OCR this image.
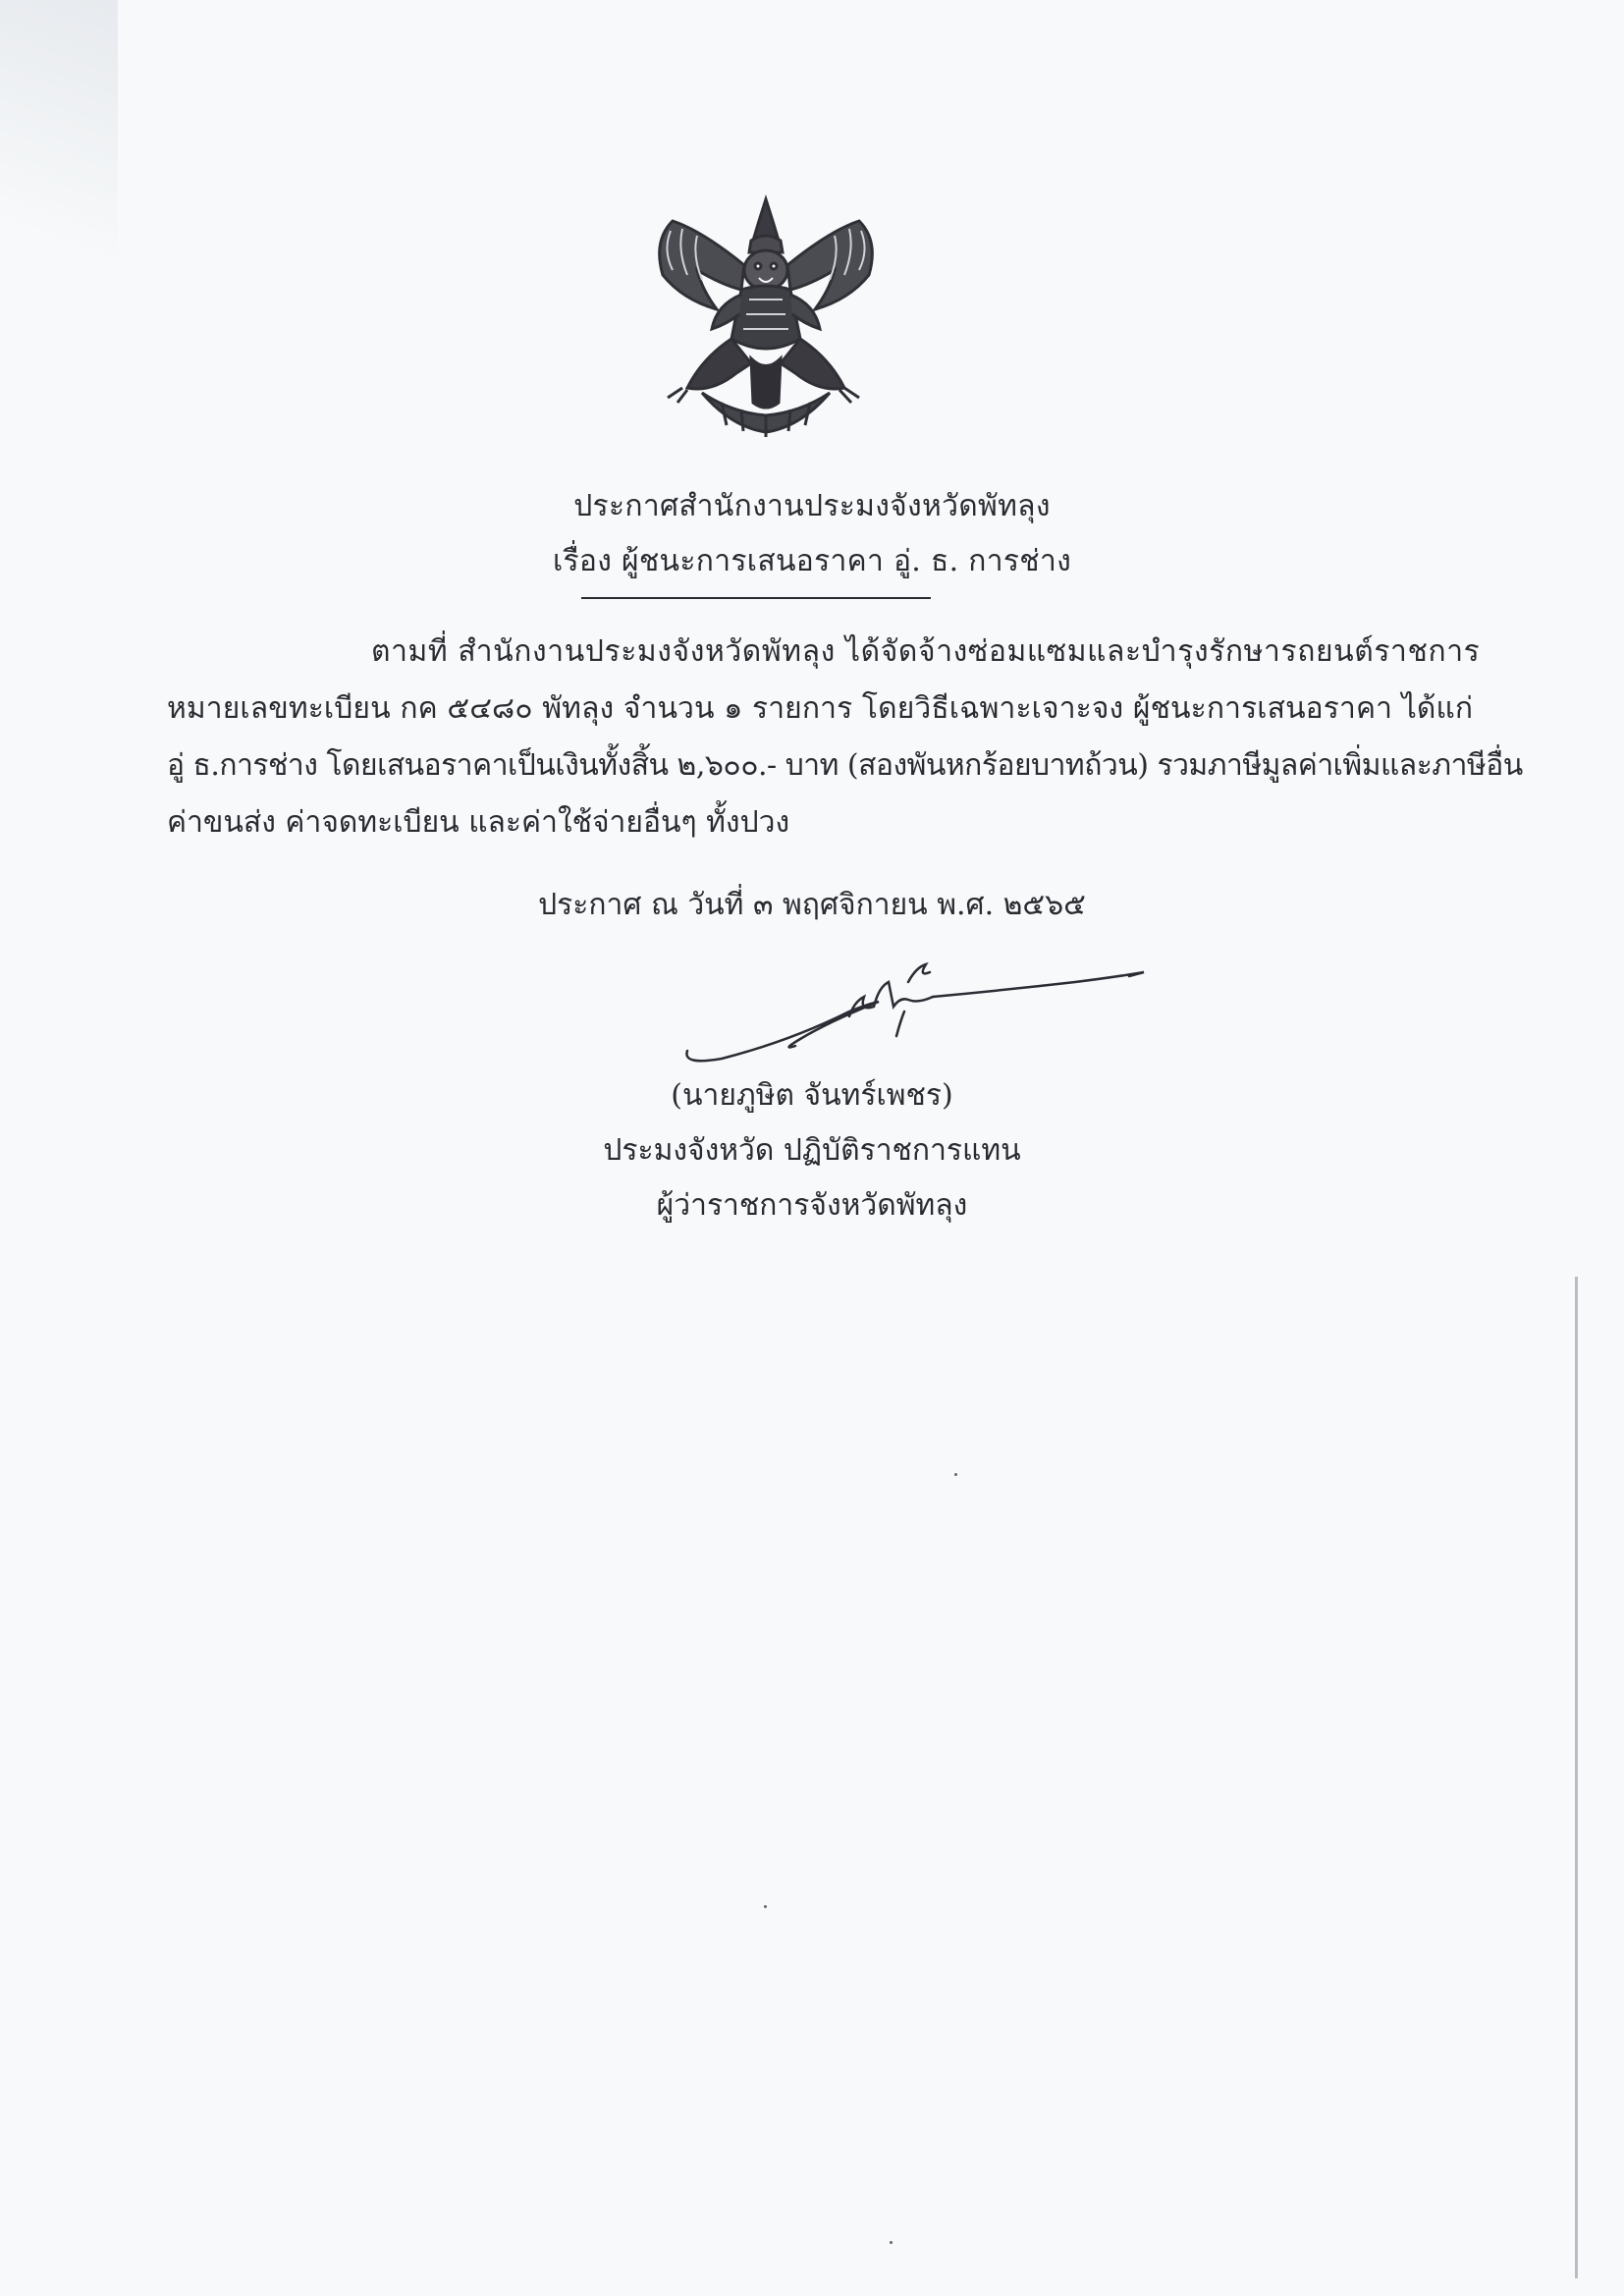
ประกาศสำนักงานประมงจังหวัดพัทลุง
เรื่อง ผู้ชนะการเสนอราคา อู่. ธ. การช่าง
ตามที่ สำนักงานประมงจังหวัดพัทลุง ได้จัดจ้างซ่อมแซมและบำรุงรักษารถยนต์ราชการ
หมายเลขทะเบียน กค ๕๔๘๐ พัทลุง จำนวน ๑ รายการ โดยวิธีเฉพาะเจาะจง ผู้ชนะการเสนอราคา ได้แก่
อู่ ธ.การช่าง โดยเสนอราคาเป็นเงินทั้งสิ้น ๒,๖๐๐.- บาท (สองพันหกร้อยบาทถ้วน) รวมภาษีมูลค่าเพิ่มและภาษีอื่น
ค่าขนส่ง ค่าจดทะเบียน และค่าใช้จ่ายอื่นๆ ทั้งปวง
ประกาศ ณ วันที่ ๓ พฤศจิกายน พ.ศ. ๒๕๖๕
(นายภูษิต จันทร์เพชร)
ประมงจังหวัด ปฏิบัติราชการแทน
ผู้ว่าราชการจังหวัดพัทลุง
